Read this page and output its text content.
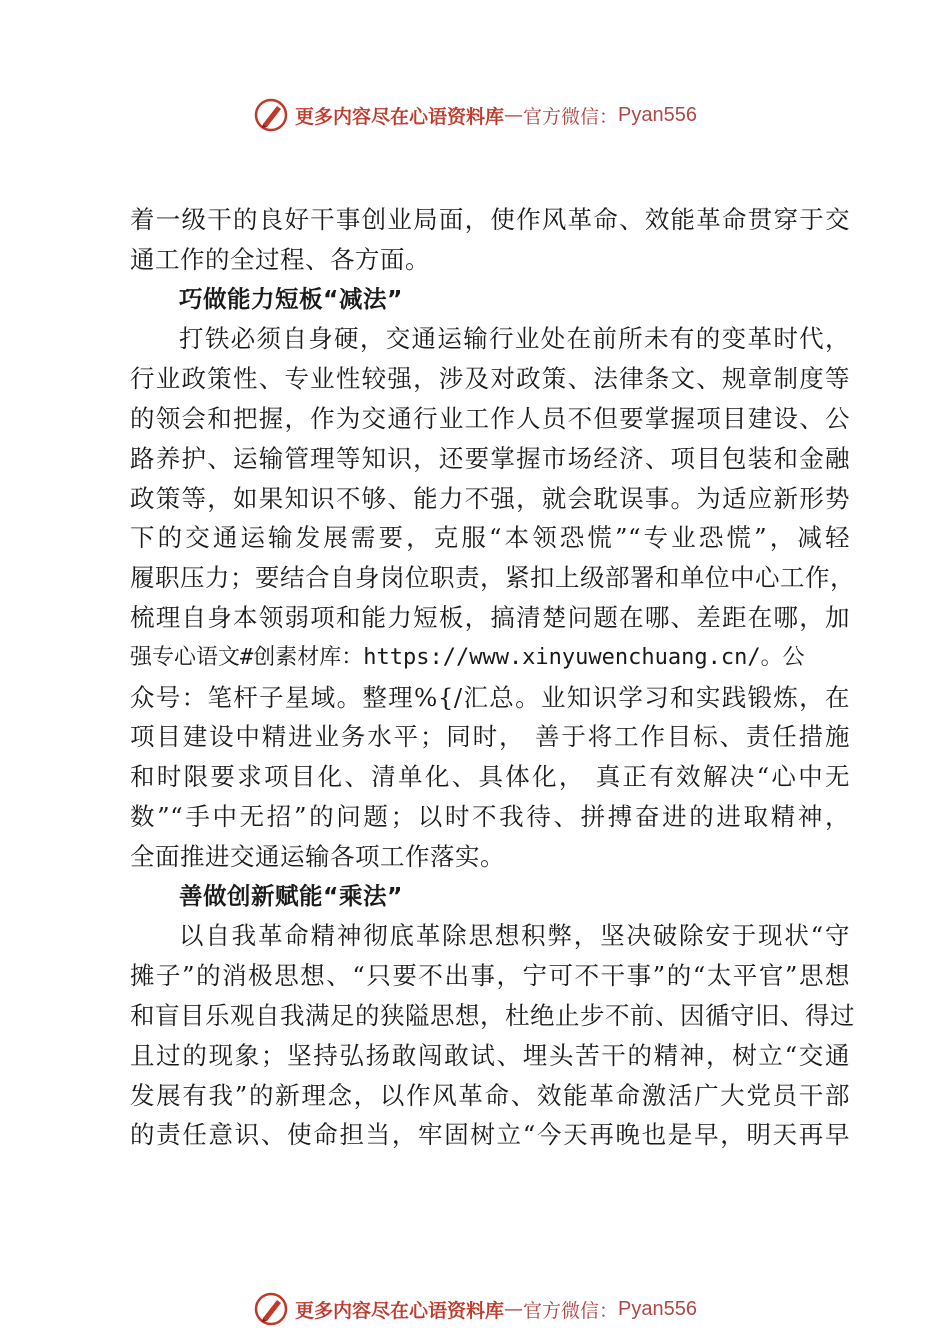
更多内容尽在心语资料库 — 官方微信： Pyan556
着一级干的良好干事创业局面，使作风革命、效能革命贯穿于交
通工作的全过程、各方面。
巧做能力短板“减法”
打铁必须自身硬，交通运输行业处在前所未有的变革时代，
行业政策性、专业性较强，涉及对政策、法律条文、规章制度等
的领会和把握，作为交通行业工作人员不但要掌握项目建设、公
路养护、运输管理等知识，还要掌握市场经济、项目包装和金融
政策等，如果知识不够、能力不强，就会耽误事。为适应新形势
下的交通运输发展需要，克服“本领恐慌”“专业恐慌”，减轻
履职压力；要结合自身岗位职责，紧扣上级部署和单位中心工作，
梳理自身本领弱项和能力短板，搞清楚问题在哪、差距在哪，加
强专心语文#创素材库：https://www.xinyuwenchuang.cn/。公
众号：笔杆子星域。整理%{/汇总。业知识学习和实践锻炼，在
项目建设中精进业务水平；同时， 善于将工作目标、责任措施
和时限要求项目化、清单化、具体化， 真正有效解决“心中无
数”“手中无招”的问题；以时不我待、拼搏奋进的进取精神，
全面推进交通运输各项工作落实。
善做创新赋能“乘法”
以自我革命精神彻底革除思想积弊，坚决破除安于现状“守
摊子”的消极思想、“只要不出事，宁可不干事”的“太平官”思想
和盲目乐观自我满足的狭隘思想，杜绝止步不前、因循守旧、得过
且过的现象；坚持弘扬敢闯敢试、埋头苦干的精神，树立“交通
发展有我”的新理念，以作风革命、效能革命激活广大党员干部
的责任意识、使命担当，牢固树立“今天再晚也是早，明天再早
更多内容尽在心语资料库 — 官方微信： Pyan556
